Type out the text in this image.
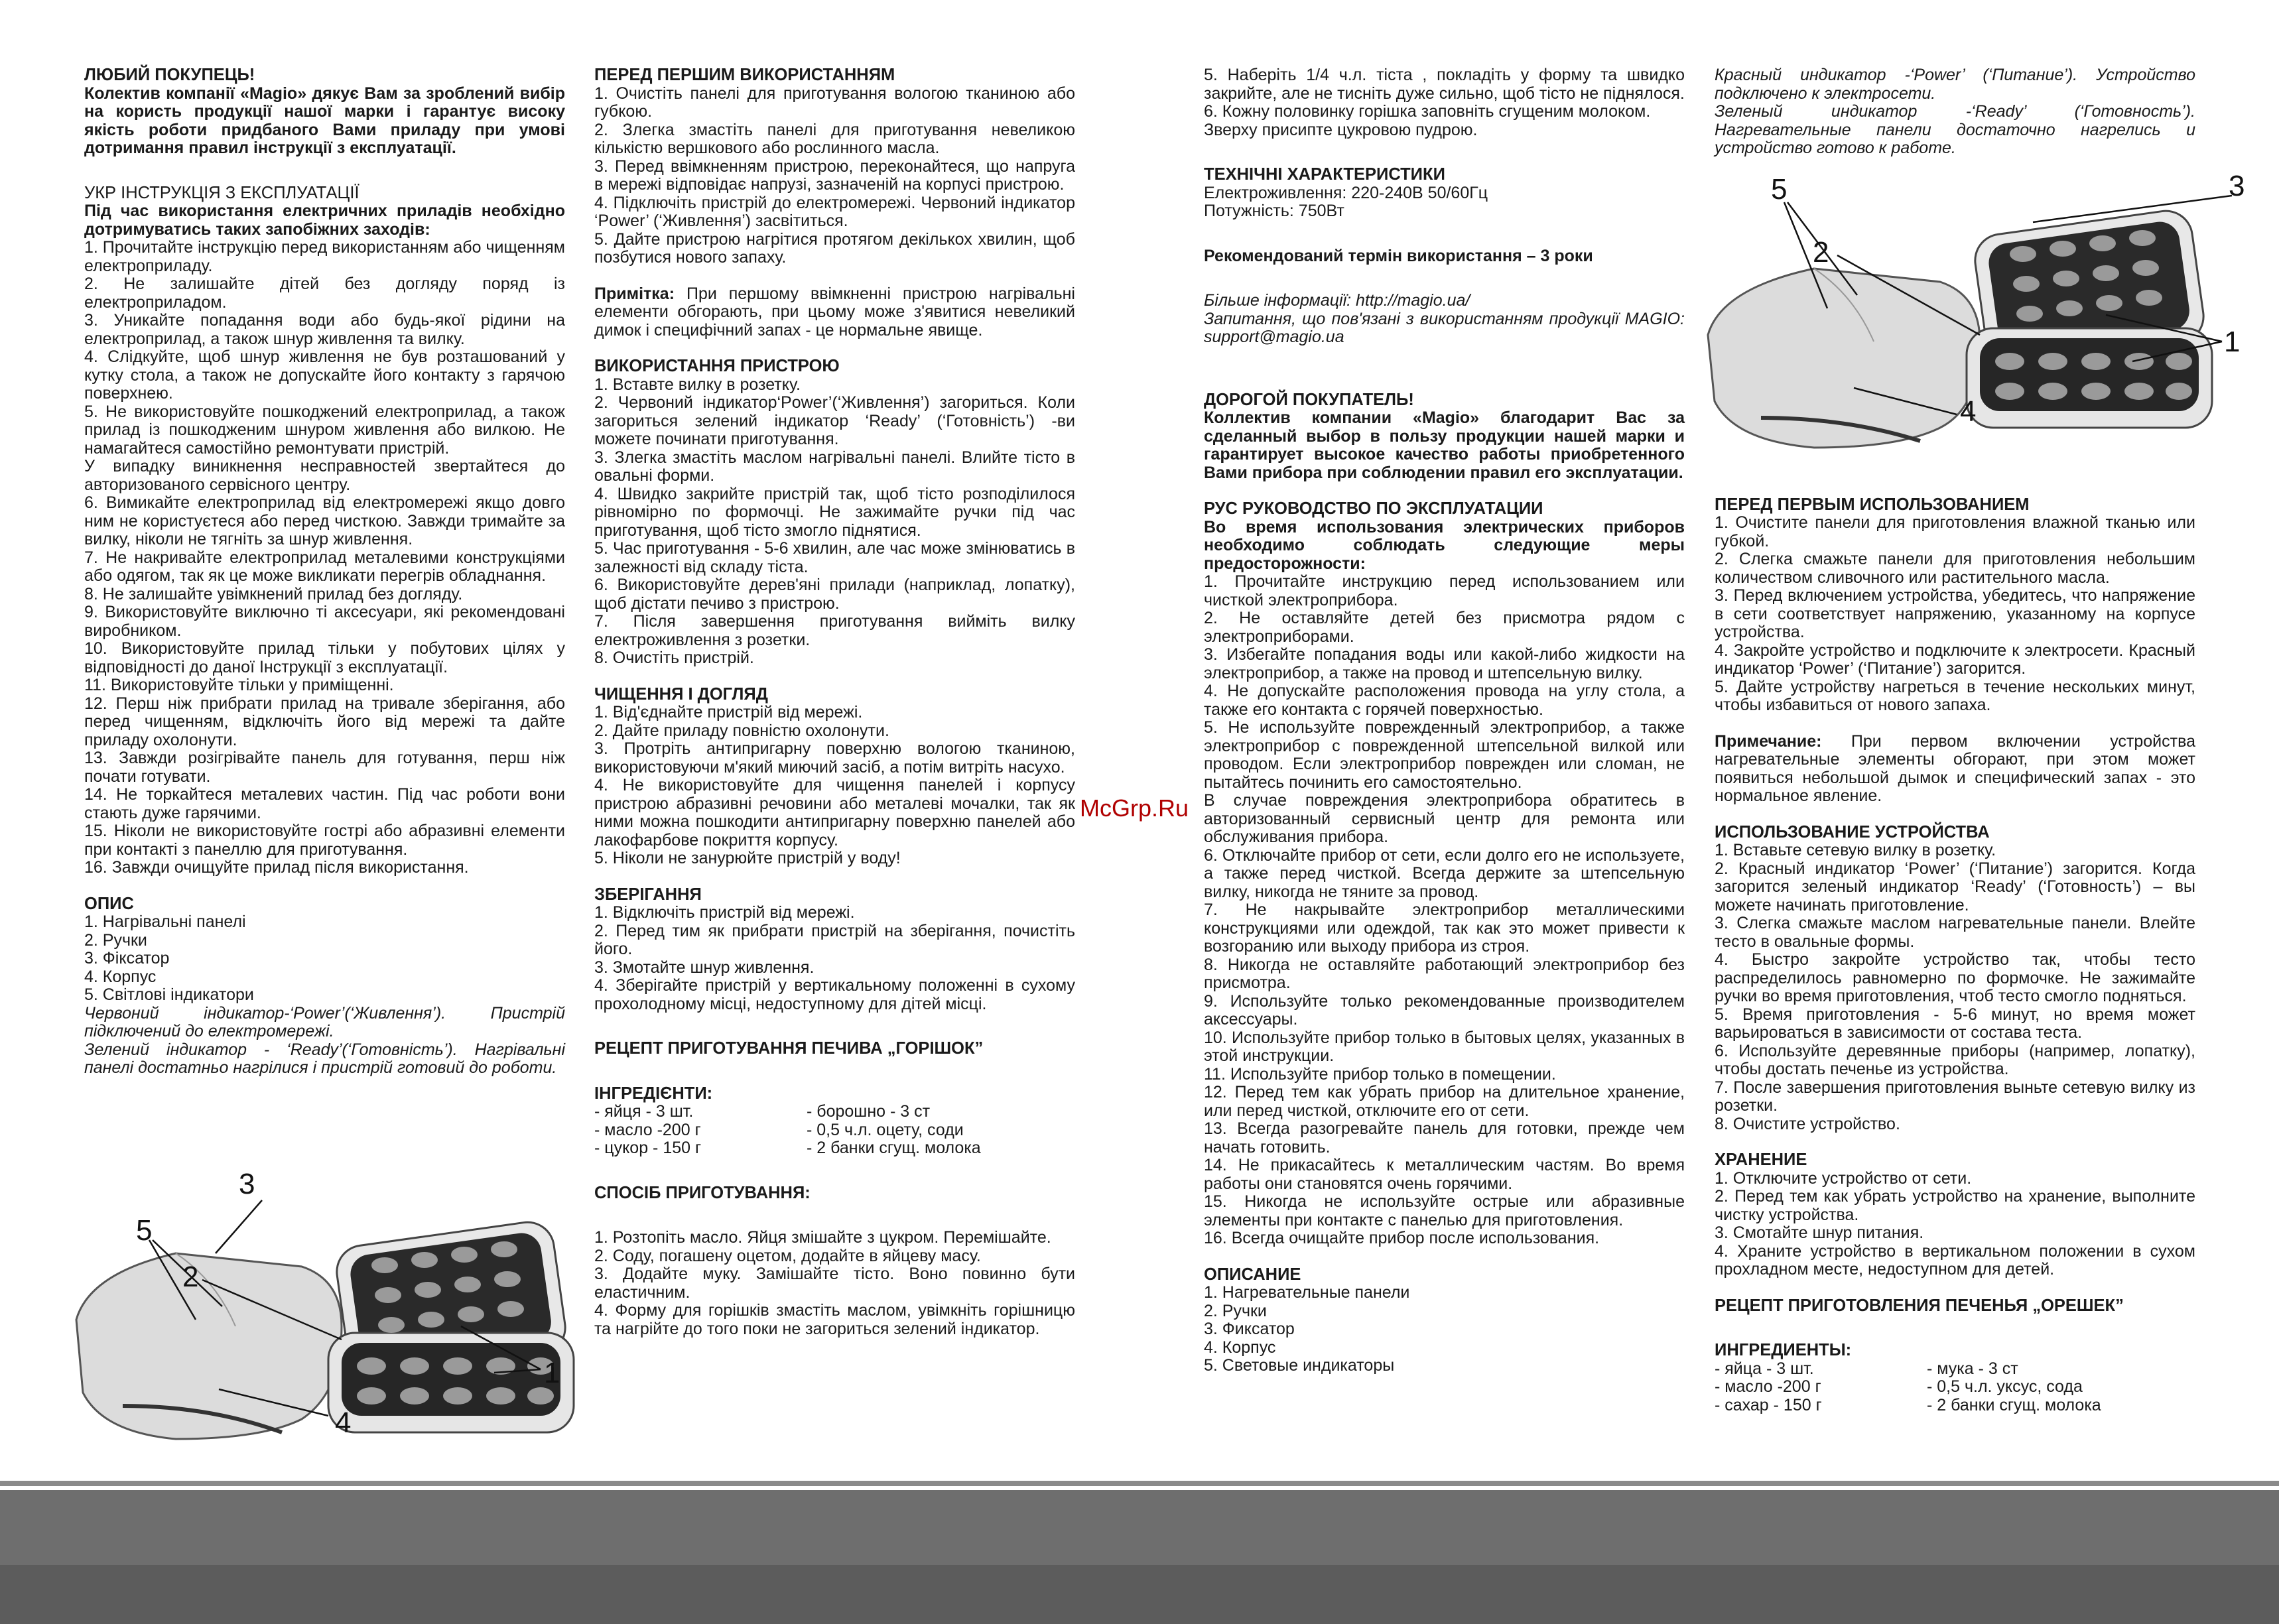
ЛЮБИЙ ПОКУПЕЦЬ!

Колектив компанії «Magio» дякує Вам за зроблений вибір на користь продукції нашої марки і гарантує високу якість роботи придбаного Вами приладу при умові дотримання правил інструкції з експлуатації.

УКР ІНСТРУКЦІЯ З ЕКСПЛУАТАЦІЇ

Під час використання електричних приладів необхідно дотримуватись таких запобіжних заходів:

1. Прочитайте інструкцію перед використанням або чищенням електроприладу.

2. Не залишайте дітей без догляду поряд із електроприладом.

3. Уникайте попадання води або будь-якої рідини на електроприлад, а також шнур живлення та вилку.

4. Слідкуйте, щоб шнур живлення не був розташований у кутку стола, а також не допускайте його контакту з гарячою поверхнею.

5. Не використовуйте пошкоджений електроприлад, а також прилад із пошкодженим шнуром живлення або вилкою. Не намагайтеся самостійно ремонтувати пристрій.

У випадку виникнення несправностей звертайтеся до авторизованого сервісного центру.

6. Вимикайте електроприлад від електромережі якщо довго ним не користуєтеся або перед чисткою. Завжди тримайте за вилку, ніколи не тягніть за шнур живлення.

7. Не накривайте електроприлад металевими конструкціями або одягом, так як це може викликати перегрів обладнання.

8. Не залишайте увімкнений прилад без догляду.

9. Використовуйте виключно ті аксесуари, які рекомендовані виробником.

10. Використовуйте прилад тільки у побутових цілях у відповідності до даної Інструкції з експлуатації.

11. Використовуйте тільки у приміщенні.

12. Перш ніж прибрати прилад на тривале зберігання, або перед чищенням, відключіть його від мережі та дайте приладу охолонути.

13. Завжди розігрівайте панель для готування, перш ніж почати готувати.

14. Не торкайтеся металевих частин. Під час роботи вони стають дуже гарячими.

15. Ніколи не використовуйте гострі або абразивні елементи при контакті з панеллю для приготування.

16. Завжди очищуйте прилад після використання.

ОПИС

1. Нагрівальні панелі

2. Ручки

3. Фіксатор

4. Корпус

5. Світлові індикатори

Червоний індикатор-‘Power’(‘Живлення’). Пристрій підключений до електромережі.

Зелений індикатор - ‘Ready’(‘Готовність’). Нагрівальні панелі достатньо нагрілися і пристрій готовий до роботи.

3
2
1
4
5

ПЕРЕД ПЕРШИМ ВИКОРИСТАННЯМ

1. Очистіть панелі для приготування вологою тканиною або губкою.

2. Злегка змастіть панелі для приготування невеликою кількістю вершкового або рослинного масла.

3. Перед ввімкненням пристрою, переконайтеся, що напруга в мережі відповідає напрузі, зазначеній на корпусі пристрою.

4. Підключіть пристрій до електромережі. Червоний індикатор ‘Power’ (‘Живлення’) засвітиться.

5. Дайте пристрою нагрітися протягом декількох хвилин, щоб позбутися нового запаху.

Примітка: При першому ввімкненні пристрою нагрівальні елементи обгорають, при цьому може з'явитися невеликий димок і специфічний запах - це нормальне явище.

ВИКОРИСТАННЯ ПРИСТРОЮ

1. Вставте вилку в розетку.

2. Червоний індикатор‘Power’(‘Живлення’) загориться. Коли загориться зелений індикатор ‘Ready’ (‘Готовність’) -ви можете починати приготування.

3. Злегка змастіть маслом нагрівальні панелі. Влийте тісто в овальні форми.

4. Швидко закрийте пристрій так, щоб тісто розподілилося рівномірно по формочці. Не зажимайте ручки під час приготування, щоб тісто змогло піднятися.

5. Час приготування - 5-6 хвилин, але час може змінюватись в залежності від складу тіста.

6. Використовуйте дерев'яні прилади (наприклад, лопатку), щоб дістати печиво з пристрою.

7. Після завершення приготування вийміть вилку електроживлення з розетки.

8. Очистіть пристрій.

ЧИЩЕННЯ І ДОГЛЯД

1. Від'єднайте пристрій від мережі.

2. Дайте приладу повністю охолонути.

3. Протріть антипригарну поверхню вологою тканиною, використовуючи м'який миючий засіб, а потім витріть насухо.

4. Не використовуйте для чищення панелей і корпусу пристрою абразивні речовини або металеві мочалки, так як ними можна пошкодити антипригарну поверхню панелей або лакофарбове покриття корпусу.

5. Ніколи не занурюйте пристрій у воду!

ЗБЕРІГАННЯ

1. Відключіть пристрій від мережі.

2. Перед тим як прибрати пристрій на зберігання, почистіть його.

3. Змотайте шнур живлення.

4. Зберігайте пристрій у вертикальному положенні в сухому прохолодному місці, недоступному для дітей місці.

РЕЦЕПТ ПРИГОТУВАННЯ ПЕЧИВА „ГОРІШОК”

ІНГРЕДІЄНТИ:

- яйця - 3 шт.	- борошно - 3 ст
- масло -200 г	- 0,5 ч.л. оцету, соди
- цукор - 150 г	- 2 банки сгущ. молока

СПОСІБ ПРИГОТУВАННЯ:

1. Розтопіть масло. Яйця змішайте з цукром. Перемішайте.

2. Соду, погашену оцетом, додайте в яйцеву масу.

3. Додайте муку. Замішайте тісто. Воно повинно бути еластичним.

4. Форму для горішків змастіть маслом, увімкніть горішницю та нагрійте до того поки не загориться зелений індикатор.

5. Наберіть 1/4 ч.л. тіста , покладіть у форму та швидко закрийте, але не тисніть дуже сильно, щоб тісто не піднялося.

6. Кожну половинку горішка заповніть сгущеним молоком.

Зверху присипте цукровою пудрою.

ТЕХНІЧНІ ХАРАКТЕРИСТИКИ

Електроживлення: 220-240В 50/60Гц

Потужність: 750Вт

Рекомендований термін використання – 3 роки

Більше інформації: http://magio.ua/

Запитання, що пов'язані з використанням продукції MAGIO: support@magio.ua

ДОРОГОЙ ПОКУПАТЕЛЬ!

Коллектив компании «Magio» благодарит Вас за сделанный выбор в пользу продукции нашей марки и гарантирует высокое качество работы приобретенного Вами прибора при соблюдении правил его эксплуатации.

РУС РУКОВОДСТВО ПО ЭКСПЛУАТАЦИИ

Во время использования электрических приборов необходимо соблюдать следующие меры предосторожности:

1. Прочитайте инструкцию перед использованием или чисткой электроприбора.

2. Не оставляйте детей без присмотра рядом с электроприборами.

3. Избегайте попадания воды или какой-либо жидкости на электроприбор, а также на провод и штепсельную вилку.

4. Не допускайте расположения провода на углу стола, а также его контакта с горячей поверхностью.

5. Не используйте поврежденный электроприбор, а также электроприбор с поврежденной штепсельной вилкой или проводом. Если электроприбор поврежден или сломан, не пытайтесь починить его самостоятельно.

В случае повреждения электроприбора обратитесь в авторизованный сервисный центр для ремонта или обслуживания прибора.

6. Отключайте прибор от сети, если долго его не используете, а также перед чисткой. Всегда держите за штепсельную вилку, никогда не тяните за провод.

7. Не накрывайте электроприбор металлическими конструкциями или одеждой, так как это может привести к возгоранию или выходу прибора из строя.

8. Никогда не оставляйте работающий электроприбор без присмотра.

9. Используйте только рекомендованные производителем аксессуары.

10. Используйте прибор только в бытовых целях, указанных в этой инструкции.

11. Используйте прибор только в помещении.

12. Перед тем как убрать прибор на длительное хранение, или перед чисткой, отключите его от сети.

13. Всегда разогревайте панель для готовки, прежде чем начать готовить.

14. Не прикасайтесь к металлическим частям. Во время работы они становятся очень горячими.

15. Никогда не используйте острые или абразивные элементы при контакте с панелью для приготовления.

16. Всегда очищайте прибор после использования.

ОПИСАНИЕ

1. Нагревательные панели

2. Ручки

3. Фиксатор

4. Корпус

5. Световые индикаторы

Красный индикатор -‘Power’ (‘Питание’). Устройство подключено к электросети.

Зеленый индикатор -‘Ready’ (‘Готовность’). Нагревательные панели достаточно нагрелись и устройство готово к работе.

ПЕРЕД ПЕРВЫМ ИСПОЛЬЗОВАНИЕМ

1. Очистите панели для приготовления влажной тканью или губкой.

2. Слегка смажьте панели для приготовления небольшим количеством сливочного или растительного масла.

3. Перед включением устройства, убедитесь, что напряжение в сети соответствует напряжению, указанному на корпусе устройства.

4. Закройте устройство и подключите к электросети. Красный индикатор ‘Power’ (‘Питание’) загорится.

5. Дайте устройству нагреться в течение нескольких минут, чтобы избавиться от нового запаха.

Примечание: При первом включении устройства нагревательные элементы обгорают, при этом может появиться небольшой дымок и специфический запах - это нормальное явление.

ИСПОЛЬЗОВАНИЕ УСТРОЙСТВА

1. Вставьте сетевую вилку в розетку.

2. Красный индикатор ‘Power’ (‘Питание’) загорится. Когда загорится зеленый индикатор ‘Ready’ (‘Готовность’) – вы можете начинать приготовление.

3. Слегка смажьте маслом нагревательные панели. Влейте тесто в овальные формы.

4. Быстро закройте устройство так, чтобы тесто распределилось равномерно по формочке. Не зажимайте ручки во время приготовления, чтоб тесто смогло подняться.

5. Время приготовления - 5-6 минут, но время может варьироваться в зависимости от состава теста.

6. Используйте деревянные приборы (например, лопатку), чтобы достать печенье из устройства.

7. После завершения приготовления выньте сетевую вилку из розетки.

8. Очистите устройство.

ХРАНЕНИЕ

1. Отключите устройство от сети.

2. Перед тем как убрать устройство на хранение, выполните чистку устройства.

3. Смотайте шнур питания.

4. Храните устройство в вертикальном положении в сухом прохладном месте, недоступном для детей.

РЕЦЕПТ ПРИГОТОВЛЕНИЯ ПЕЧЕНЬЯ „ОРЕШЕК”

ИНГРЕДИЕНТЫ:

- яйца - 3 шт.	- мука - 3 ст
- масло -200 г	- 0,5 ч.л. уксус, сода
- сахар - 150 г	- 2 банки сгущ. молока
3
2
1
4
5
McGrp.Ru
